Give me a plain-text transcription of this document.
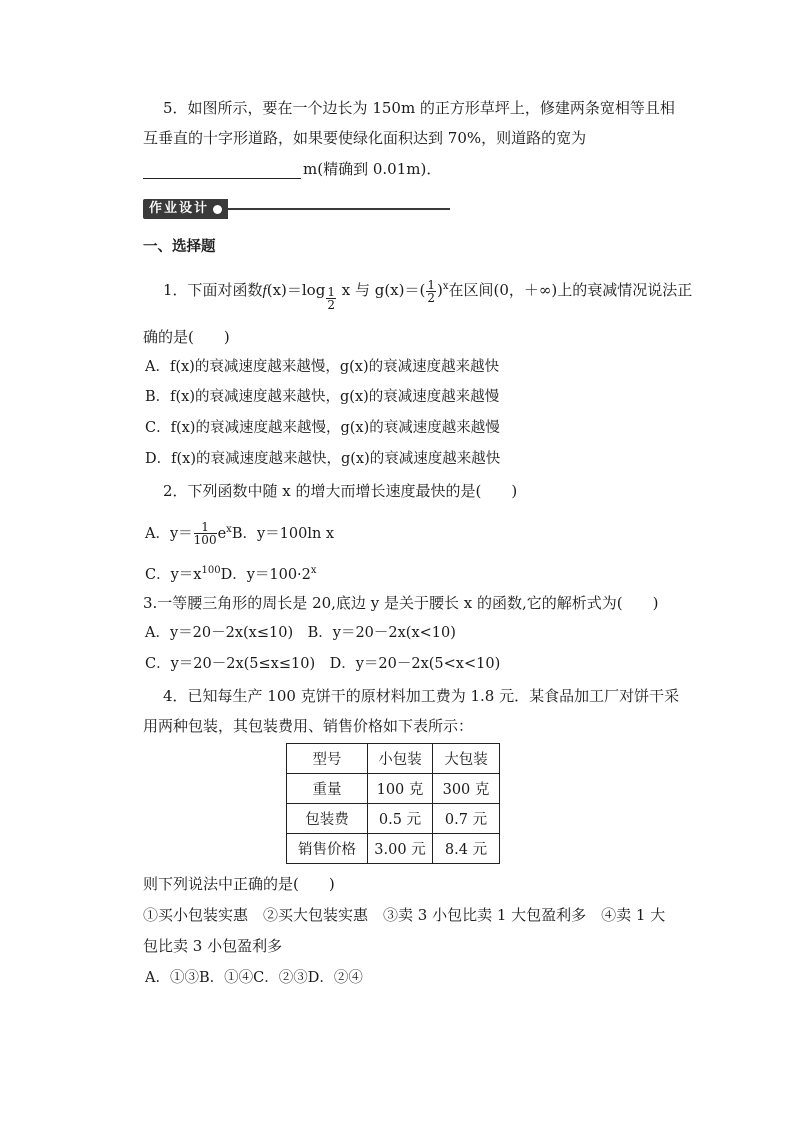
5．如图所示，要在一个边长为 150m 的正方形草坪上，修建两条宽相等且相
互垂直的十字形道路，如果要使绿化面积达到 70%，则道路的宽为
m(精确到 0.01m)．
作业设计
一、选择题
1．下面对函数f(x)＝log $_{\frac{1}{2}}$ x 与 $g(x)=( \frac{1}{2} )^x$在区间(0，＋∞)上的衰减情况说法正
确的是(　　)
A．f(x)的衰减速度越来越慢，g(x)的衰减速度越来越快
B．f(x)的衰减速度越来越快，g(x)的衰减速度越来越慢
C．f(x)的衰减速度越来越慢，g(x)的衰减速度越来越慢
D．f(x)的衰减速度越来越快，g(x)的衰减速度越来越快
2．下列函数中随 x 的增大而增长速度最快的是(　　)
A．$y= \frac{1}{100} e^xB$．y＝100ln x
C．$y=x^{100}D$．$y=100\cdot 2^x$
3.一等腰三角形的周长是 20,底边 y 是关于腰长 x 的函数,它的解析式为(　　)
A．y＝20－2x(x≤10)　B．y＝20－2x(x<10)
C．y＝20－2x(5≤x≤10)　D．y＝20－2x(5<x<10)
4．已知每生产 100 克饼干的原材料加工费为 1.8 元．某食品加工厂对饼干采
用两种包装，其包装费用、销售价格如下表所示：
型号	小包装	大包装
重量	100 克	300 克
包装费	0.5 元	0.7 元
销售价格	3.00 元	8.4 元
则下列说法中正确的是(　　)
①买小包装实惠　②买大包装实惠　③卖 3 小包比卖 1 大包盈利多　④卖 1 大
包比卖 3 小包盈利多
A．①③B．①④C．②③D．②④
